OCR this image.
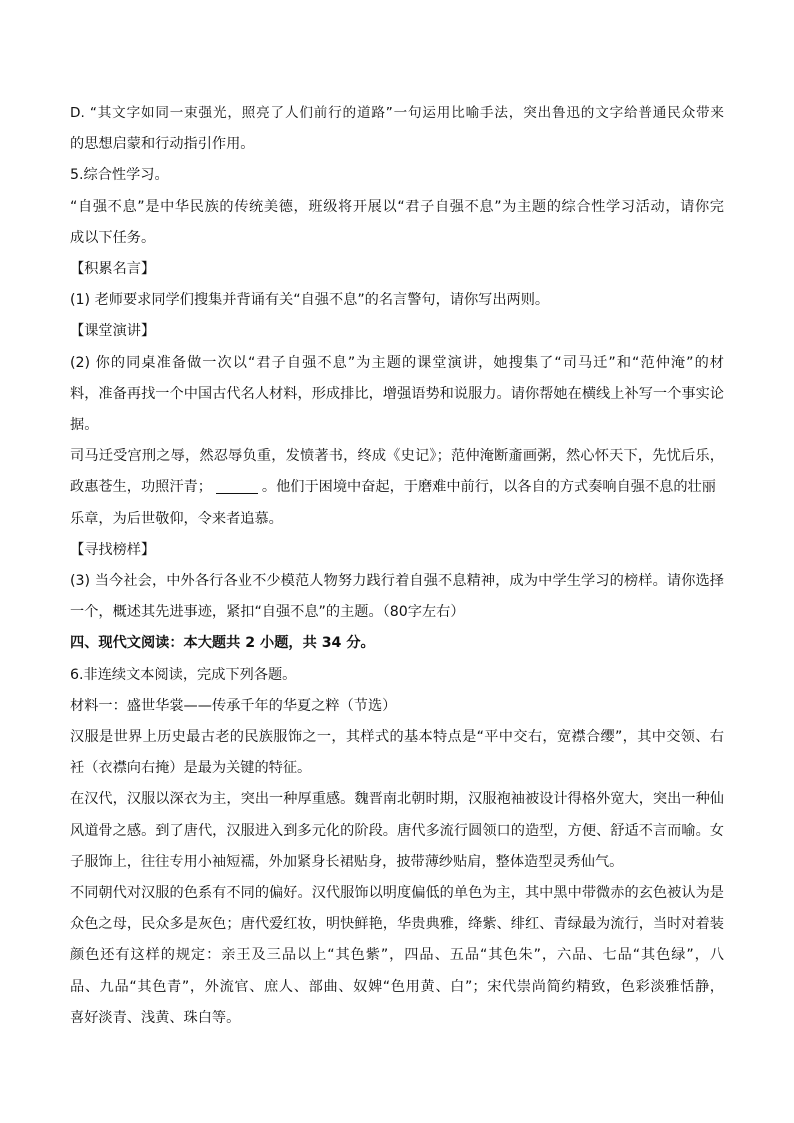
D. “其文字如同一束强光，照亮了人们前行的道路”一句运用比喻手法，突出鲁迅的文字给普通民众带来
的思想启蒙和行动指引作用。
5.综合性学习。
“自强不息”是中华民族的传统美德，班级将开展以“君子自强不息”为主题的综合性学习活动，请你完
成以下任务。
【积累名言】
(1) 老师要求同学们搜集并背诵有关“自强不息”的名言警句，请你写出两则。
【课堂演讲】
(2) 你的同桌准备做一次以“君子自强不息”为主题的课堂演讲，她搜集了“司马迁”和“范仲淹”的材
料，准备再找一个中国古代名人材料，形成排比，增强语势和说服力。请你帮她在横线上补写一个事实论
据。
司马迁受宫刑之辱，然忍辱负重，发愤著书，终成《史记》；范仲淹断齑画粥，然心怀天下，先忧后乐，
政惠苍生，功照汗青；	。他们于困境中奋起，于磨难中前行，以各自的方式奏响自强不息的壮丽
乐章，为后世敬仰，令来者追慕。
【寻找榜样】
(3) 当今社会，中外各行各业不少模范人物努力践行着自强不息精神，成为中学生学习的榜样。请你选择
一个，概述其先进事迹，紧扣“自强不息”的主题。（80字左右）
四、现代文阅读：本大题共 2 小题，共 34 分。
6.非连续文本阅读，完成下列各题。
材料一：盛世华裳——传承千年的华夏之粹（节选）
汉服是世界上历史最古老的民族服饰之一，其样式的基本特点是“平中交右，宽襟合缨”，其中交领、右
衽（衣襟向右掩）是最为关键的特征。
在汉代，汉服以深衣为主，突出一种厚重感。魏晋南北朝时期，汉服袍袖被设计得格外宽大，突出一种仙
风道骨之感。到了唐代，汉服进入到多元化的阶段。唐代多流行圆领口的造型，方便、舒适不言而喻。女
子服饰上，往往专用小袖短襦，外加紧身长裙贴身，披带薄纱贴肩，整体造型灵秀仙气。
不同朝代对汉服的色系有不同的偏好。汉代服饰以明度偏低的单色为主，其中黑中带微赤的玄色被认为是
众色之母，民众多是灰色；唐代爱红妆，明快鲜艳，华贵典雅，绛紫、绯红、青绿最为流行，当时对着装
颜色还有这样的规定：亲王及三品以上“其色紫”，四品、五品“其色朱”，六品、七品“其色绿”，八
品、九品“其色青”，外流官、庶人、部曲、奴婢“色用黄、白”；宋代崇尚简约精致，色彩淡雅恬静，
喜好淡青、浅黄、珠白等。
